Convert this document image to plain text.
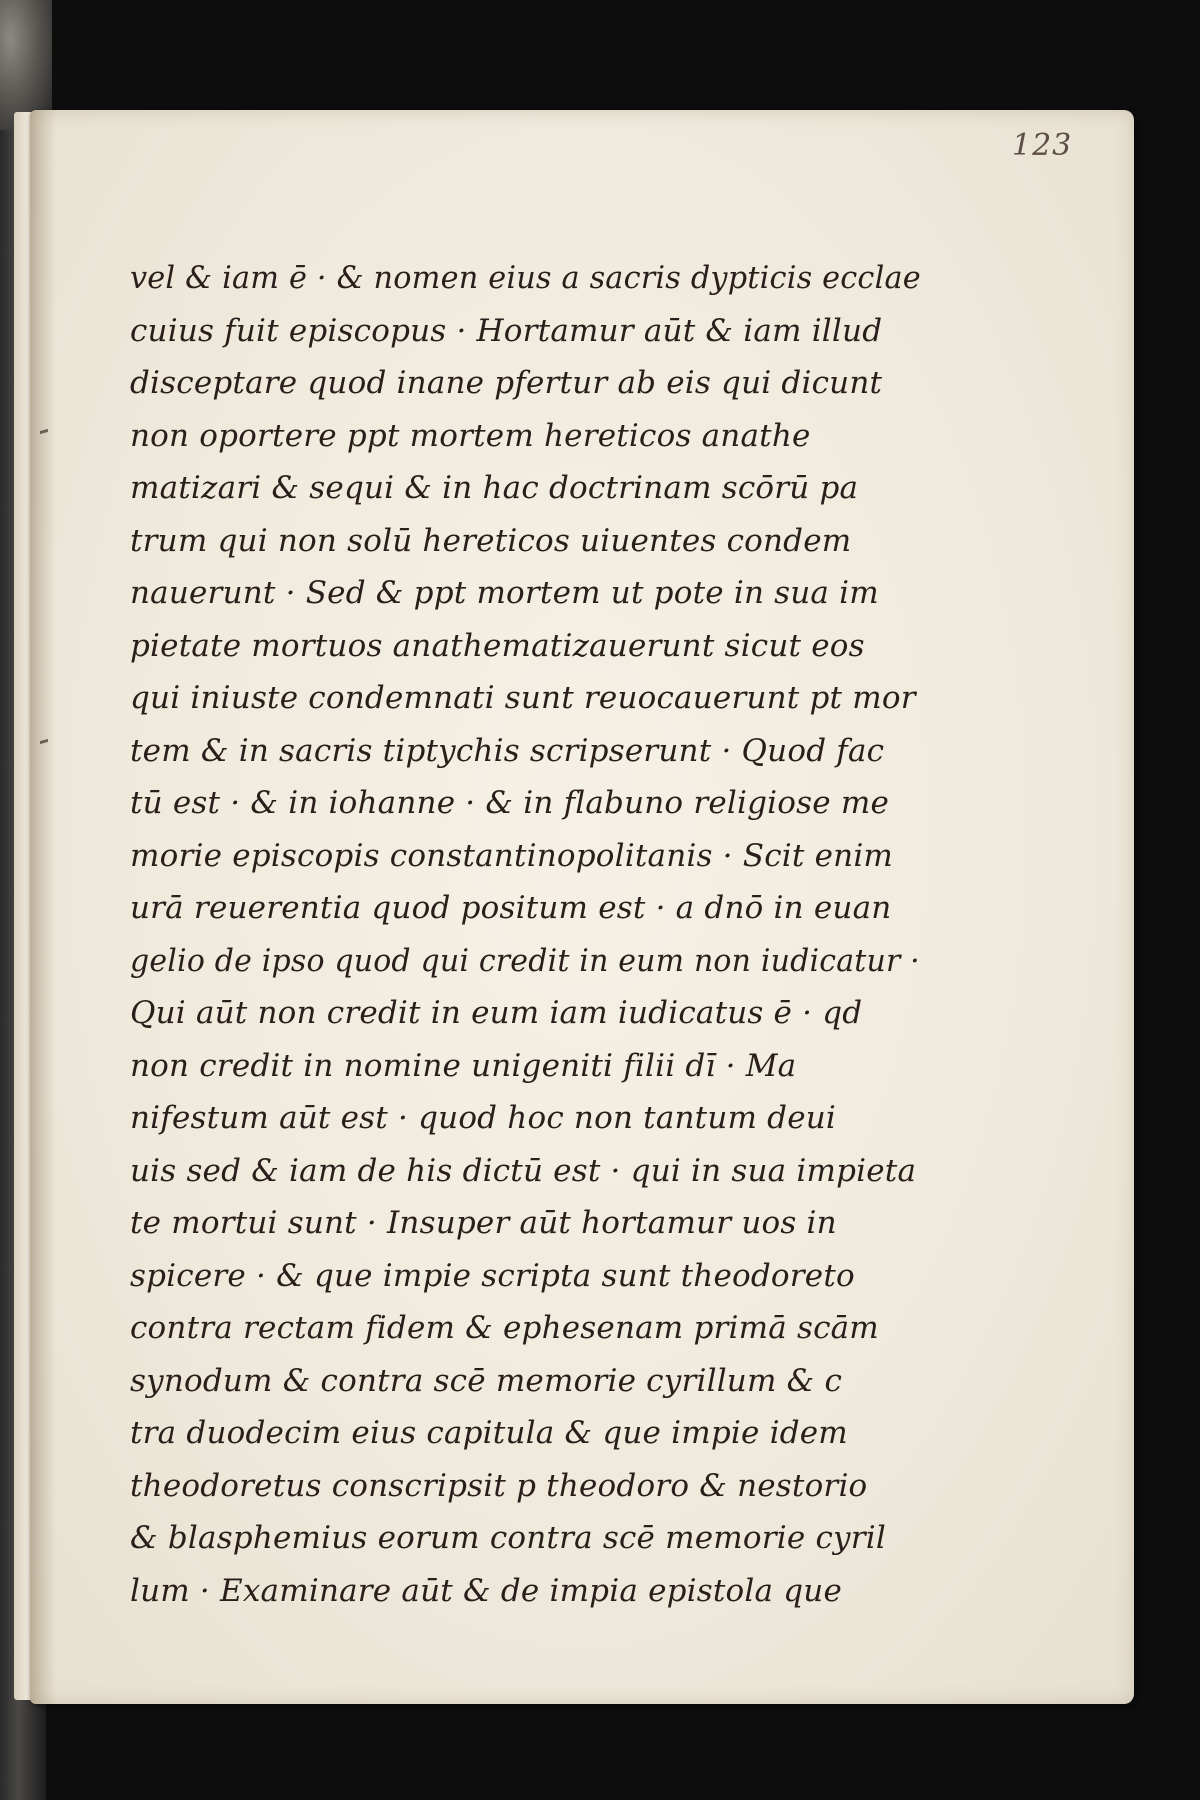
123
vel & iam ē · & nomen eius a sacris dypticis ecclae
cuius fuit episcopus · Hortamur aūt & iam illud
disceptare quod inane pfertur ab eis qui dicunt
non oportere ppt mortem hereticos anathe
matizari & sequi & in hac doctrinam scōrū pa
trum qui non solū hereticos uiuentes condem
nauerunt · Sed & ppt mortem ut pote in sua im
pietate mortuos anathematizauerunt sicut eos
qui iniuste condemnati sunt reuocauerunt pt mor
tem & in sacris tiptychis scripserunt · Quod fac
tū est · & in iohanne · & in flabuno religiose me
morie episcopis constantinopolitanis · Scit enim
urā reuerentia quod positum est · a dnō in euan
gelio de ipso quod qui credit in eum non iudicatur ·
Qui aūt non credit in eum iam iudicatus ē · qd
non credit in nomine unigeniti filii dī · Ma
nifestum aūt est · quod hoc non tantum deui
uis sed & iam de his dictū est · qui in sua impieta
te mortui sunt · Insuper aūt hortamur uos in
spicere · & que impie scripta sunt theodoreto
contra rectam fidem & ephesenam primā scām
synodum & contra scē memorie cyrillum & c
tra duodecim eius capitula & que impie idem
theodoretus conscripsit p theodoro & nestorio
& blasphemius eorum contra scē memorie cyril
lum · Examinare aūt & de impia epistola que
